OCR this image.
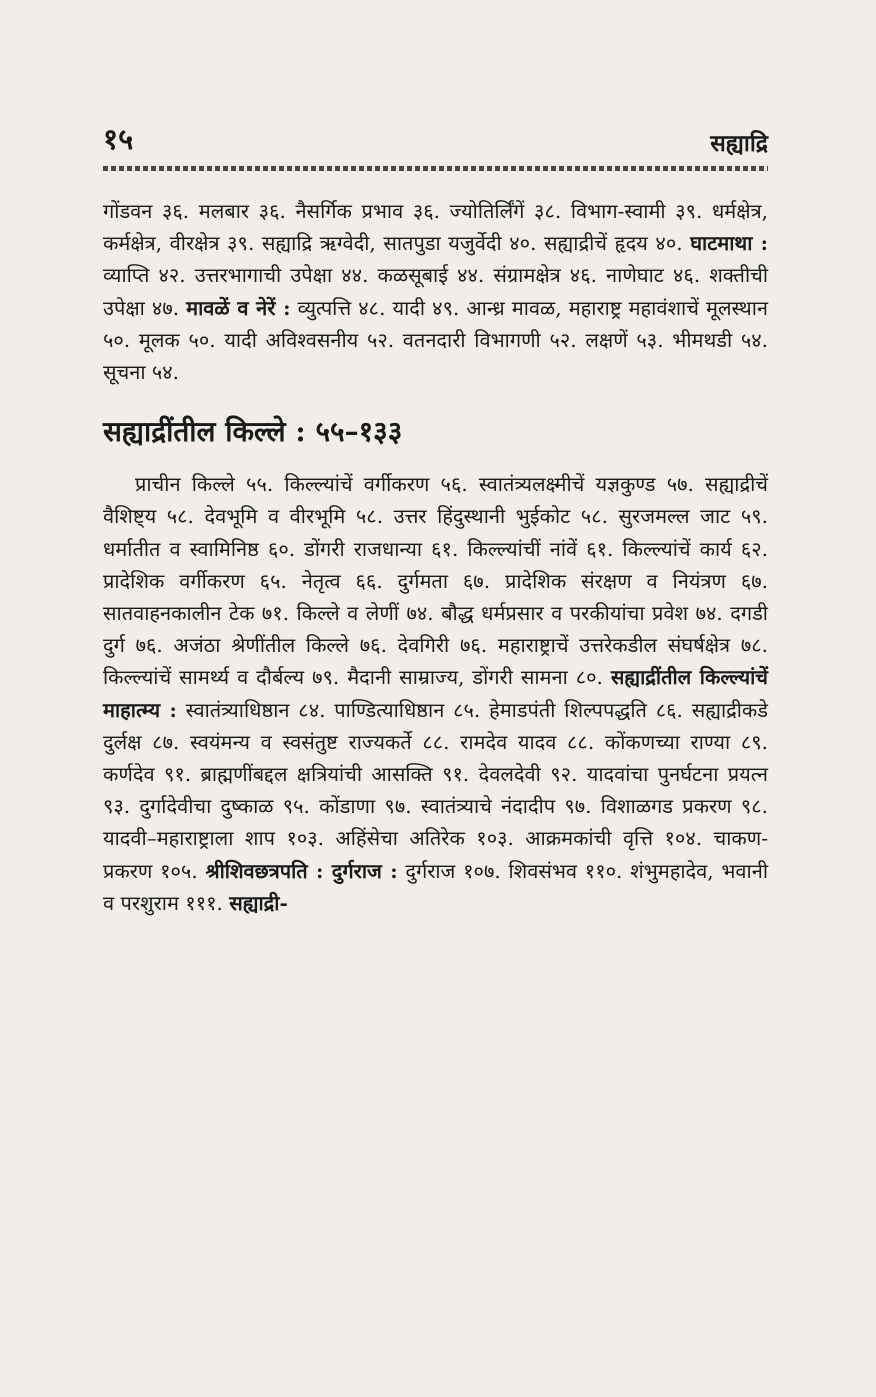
१५	सह्याद्रि

गोंडवन ३६. मलबार ३६. नैसर्गिक प्रभाव ३६. ज्योतिर्लिंगें ३८. विभाग-स्वामी ३९. धर्मक्षेत्र, कर्मक्षेत्र, वीरक्षेत्र ३९. सह्याद्रि ऋग्वेदी, सातपुडा यजुर्वेदी ४०. सह्याद्रीचें हृदय ४०. घाटमाथा : व्याप्ति ४२. उत्तरभागाची उपेक्षा ४४. कळसूबाई ४४. संग्रामक्षेत्र ४६. नाणेघाट ४६. शक्तीची उपेक्षा ४७. मावळें व नेरें : व्युत्पत्ति ४८. यादी ४९. आन्ध्र मावळ, महाराष्ट्र महावंशाचें मूलस्थान ५०. मूलक ५०. यादी अविश्वसनीय ५२. वतनदारी विभागणी ५२. लक्षणें ५३. भीमथडी ५४. सूचना ५४.

सह्याद्रींतील किल्ले : ५५–१३३

प्राचीन किल्ले ५५. किल्ल्यांचें वर्गीकरण ५६. स्वातंत्र्यलक्ष्मीचें यज्ञकुण्ड ५७. सह्याद्रीचें वैशिष्ट्य ५८. देवभूमि व वीरभूमि ५८. उत्तर हिंदुस्थानी भुईकोट ५८. सुरजमल्ल जाट ५९. धर्मातीत व स्वामिनिष्ठ ६०. डोंगरी राजधान्या ६१. किल्ल्यांचीं नांवें ६१. किल्ल्यांचें कार्य ६२. प्रादेशिक वर्गीकरण ६५. नेतृत्व ६६. दुर्गमता ६७. प्रादेशिक संरक्षण व नियंत्रण ६७. सातवाहनकालीन टेक ७१. किल्ले व लेणीं ७४. बौद्ध धर्मप्रसार व परकीयांचा प्रवेश ७४. दगडी दुर्ग ७६. अजंठा श्रेणींतील किल्ले ७६. देवगिरी ७६. महाराष्ट्राचें उत्तरेकडील संघर्षक्षेत्र ७८. किल्ल्यांचें सामर्थ्य व दौर्बल्य ७९. मैदानी साम्राज्य, डोंगरी सामना ८०. सह्याद्रींतील किल्ल्यांचें माहात्म्य : स्वातंत्र्याधिष्ठान ८४. पाण्डित्याधिष्ठान ८५. हेमाडपंती शिल्पपद्धति ८६. सह्याद्रीकडे दुर्लक्ष ८७. स्वयंमन्य व स्वसंतुष्ट राज्यकर्ते ८८. रामदेव यादव ८८. कोंकणच्या राण्या ८९. कर्णदेव ९१. ब्राह्मणींबद्दल क्षत्रियांची आसक्ति ९१. देवलदेवी ९२. यादवांचा पुनर्घटना प्रयत्न ९३. दुर्गादेवीचा दुष्काळ ९५. कोंडाणा ९७. स्वातंत्र्याचे नंदादीप ९७. विशाळगड प्रकरण ९८. यादवी–महाराष्ट्राला शाप १०३. अहिंसेचा अतिरेक १०३. आक्रमकांची वृत्ति १०४. चाकण-प्रकरण १०५. श्रीशिवछत्रपति : दुर्गराज : दुर्गराज १०७. शिवसंभव ११०. शंभुमहादेव, भवानी व परशुराम १११. सह्याद्री-
